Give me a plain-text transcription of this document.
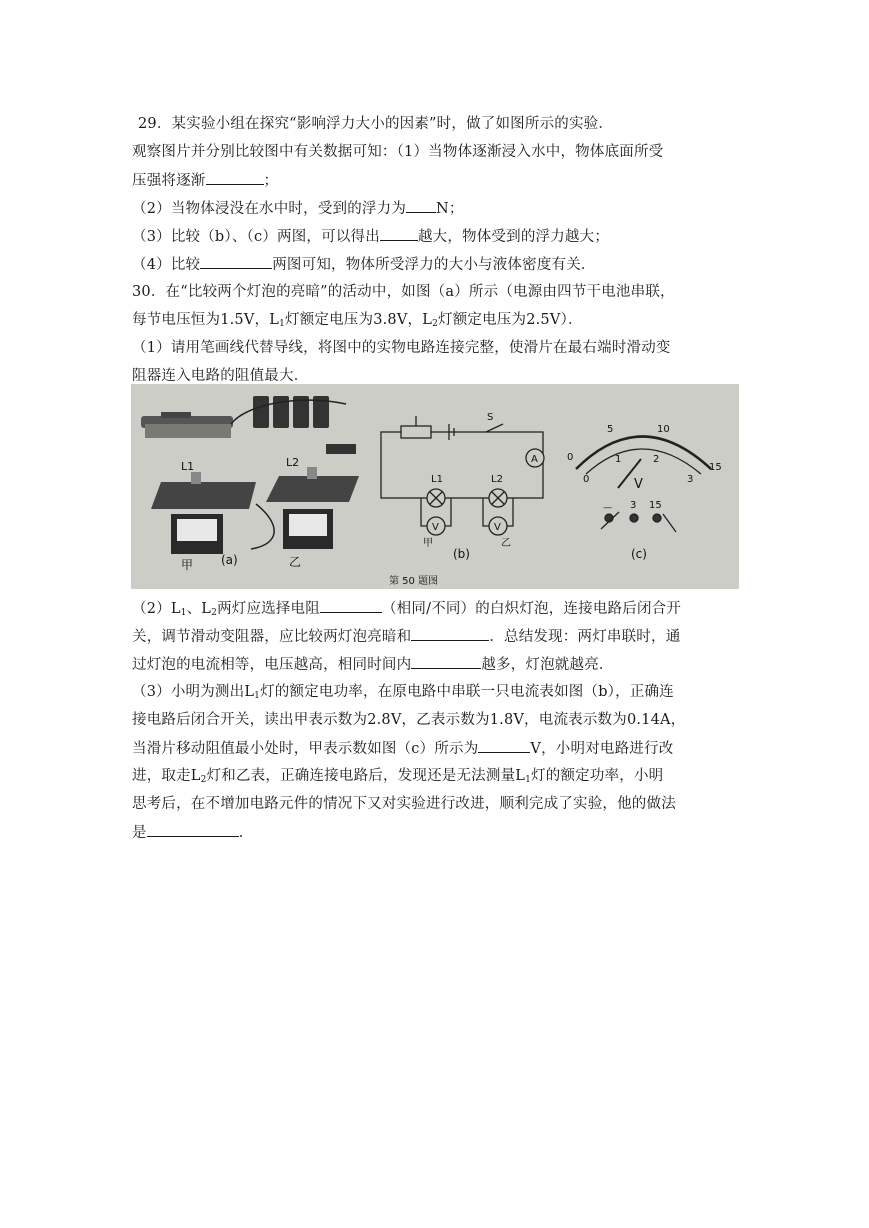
29．某实验小组在探究“影响浮力大小的因素”时，做了如图所示的实验．
观察图片并分别比较图中有关数据可知：（1）当物体逐渐浸入水中，物体底面所受
压强将逐渐	；
（2）当物体浸没在水中时，受到的浮力为 N；
（3）比较（b）、（c）两图，可以得出	越大，物体受到的浮力越大；
（4）比较	两图可知，物体所受浮力的大小与液体密度有关．
30．在“比较两个灯泡的亮暗”的活动中，如图（a）所示（电源由四节干电池串联，
每节电压恒为1.5V，$L_1$灯额定电压为3.8V，$L_2$灯额定电压为2.5V）．
（1）请用笔画线代替导线，将图中的实物电路连接完整，使滑片在最右端时滑动变
阻器连入电路的阻值最大．
L1	L2
甲 (a)	乙
S
A
L1	L2
V	V
甲	乙
(b)
0
5	10
15
0
1	2
3
V
— 3 15
(c)
第 50 题图
$(2)L_1$、$L_2$两灯应选择电阻	（相同/不同）的白炽灯泡，连接电路后闭合开
关，调节滑动变阻器，应比较两灯泡亮暗和	．总结发现：两灯串联时，通
过灯泡的电流相等，电压越高，相同时间内	越多，灯泡就越亮．
（3）小明为测出$L_1$灯的额定电功率，在原电路中串联一只电流表如图（b），正确连
接电路后闭合开关，读出甲表示数为2.8V，乙表示数为1.8V，电流表示数为0.14A，
当滑片移动阻值最小处时，甲表示数如图（c）所示为	V，小明对电路进行改
进，取走$L_2$灯和乙表，正确连接电路后，发现还是无法测量$L_1$灯的额定功率，小明
思考后，在不增加电路元件的情况下又对实验进行改进，顺利完成了实验，他的做法
是	．
